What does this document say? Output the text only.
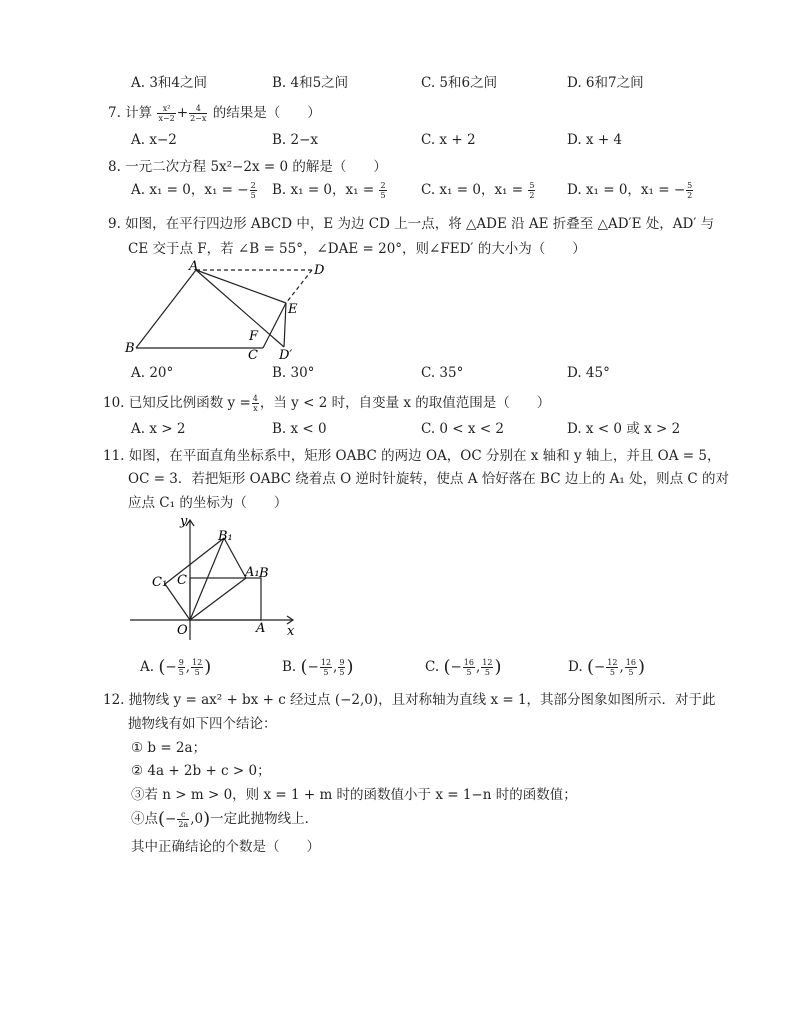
A. 3和4之间	B. 4和5之间	C. 5和6之间	D. 6和7之间
7. 计算 $\frac{\text{x²}}{x-2} + \frac{4}{2-x}$ 的结果是（　　）
A. x−2	B. 2−x	C. x + 2	D. x + 4
8. 一元二次方程 5x²−2x = 0 的解是（　　）
A. x₁ = 0，x₁ = − $\frac{2}{5} B$. x₁ = 0，$x_1 = \frac{2}{5}$	C. x₁ = 0，$x_1 = \frac{5}{2} D$. x₁ = 0，x₁ = − $\frac{5}{2}$
9. 如图，在平行四边形 ABCD 中，E 为边 CD 上一点，将 △ADE 沿 AE 折叠至 △AD′E 处，AD′ 与
CE 交于点 F，若 ∠B = 55°，∠DAE = 20°，则∠FED′ 的大小为（　　）
A	D
E
F
B	C D′
A. 20°	B. 30°	C. 35°	D. 45°
10. 已知反比例函数 $y = \frac{4}{x}$ ，当 y < 2 时，自变量 x 的取值范围是（　　）
A. x > 2	B. x < 0	C. 0 < x < 2	D. x < 0 或 x > 2
11. 如图，在平面直角坐标系中，矩形 OABC 的两边 OA，OC 分别在 x 轴和 y 轴上，并且 OA = 5，
OC = 3．若把矩形 OABC 绕着点 O 逆时针旋转，使点 A 恰好落在 BC 边上的 A₁ 处，则点 C 的对
应点 C₁ 的坐标为（　　）
y
x
O	A
B
C
C₁
B₁
A₁
A. (− $\frac{9}{5}$ , $\frac{12}{5}$ )	B. (− $\frac{12}{5}$ , $\frac{9}{5}$ )	C. (− $\frac{16}{5}$ , $\frac{12}{5}$ )	D. (− $\frac{12}{5}$ , $\frac{16}{5}$ )
12. 抛物线 y = ax² + bx + c 经过点 (−2,0)，且对称轴为直线 x = 1，其部分图象如图所示．对于此
抛物线有如下四个结论：
① b = 2a；
② 4a + 2b + c > 0；
③若 n > m > 0，则 x = 1 + m 时的函数值小于 x = 1−n 时的函数值；
④点(− $\frac{c}{2a} ,0$)一定此抛物线上．
其中正确结论的个数是（　　）
